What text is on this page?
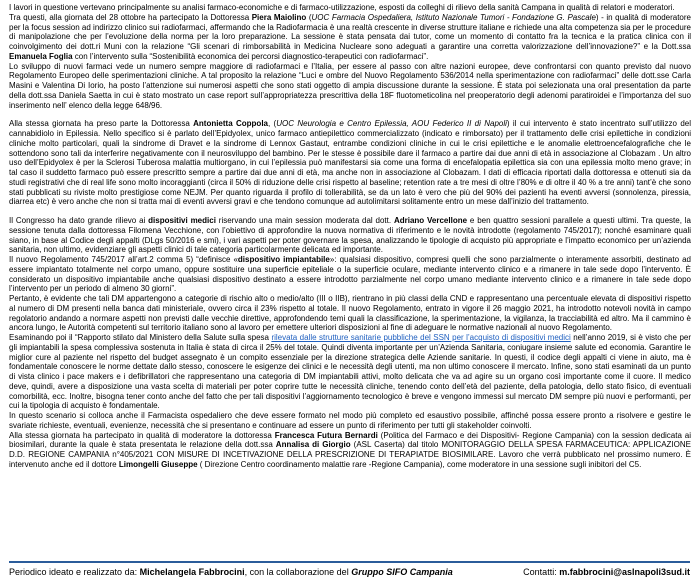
I lavori in questione vertevano principalmente su analisi farmaco-economiche e di farmaco-utilizzazione, esposti da colleghi di rilievo della sanità Campana in qualità di relatori e moderatori.
Tra questi, alla giornata del 28 ottobre ha partecipato la Dottoressa Piera Maiolino (UOC Farmacia Ospedaliera, Istituto Nazionale Tumori - Fondazione G. Pascale) - in qualità di moderatore per la focus session ad indirizzo clinico sui radiofarmaci, affermando che la Radiofarmacia è una realtà crescente in diverse strutture italiane e richiede una alta competenza sia per le procedure di manipolazione che per l’evoluzione della norma per la loro preparazione. La sessione è stata pensata dai tutor, come un momento di contatto fra la tecnica e la pratica clinica con il coinvolgimento dei dott.ri Muni con la relazione “Gli scenari di rimborsabilità in Medicina Nucleare sono adeguati a garantire una corretta valorizzazione dell’innovazione?” e la Dott.ssa Emanuela Foglia con l’intervento sulla “Sostenibilità economica dei percorsi diagnostico-terapeutici con radiofarmaci”.
Lo sviluppo di nuovi farmaci vede un numero sempre maggiore di radiofarmaci e l’Italia, per essere al passo con altre nazioni europee, deve confrontarsi con quanto previsto dal nuovo Regolamento Europeo delle sperimentazioni cliniche. A tal proposito la relazione “Luci e ombre del Nuovo Regolamento 536/2014 nella sperimentazione con radiofarmaci” delle dott.sse Carla Masini e Valentina Di Iorio, ha posto l’attenzione sui numerosi aspetti che sono stati oggetto di ampia discussione durante la sessione. È stata poi selezionata una oral presentation da parte della dott.ssa Daniela Saetta in cui è stato mostrato un case report sull’appropriatezza prescrittiva della 18F fluotometicolina nel preoperatorio degli adenomi paratiroidei e l’importanza del suo inserimento nell’ elenco della legge 648/96.

Alla stessa giornata ha preso parte la Dottoressa Antonietta Coppola, (UOC Neurologia e Centro Epilessia, AOU Federico II di Napoli) il cui intervento è stato incentrato sull’utilizzo del cannabidiolo in Epilessia. Nello specifico si è parlato dell’Epidyolex, unico farmaco antiepilettico commercializzato (indicato e rimborsato) per il trattamento delle crisi epilettiche in condizioni cliniche molto particolari, quali la sindrome di Dravet e la sindrome di Lennox Gastaut, entrambe condizioni cliniche in cui le crisi epilettiche e le anomalie elettroencefalografiche che le sottendono sono tali da interferire negativamente con il neurosviluppo del bambino. Per le stesse è possibile dare il farmaco a partire dai due anni di età in associazione al Clobazam . Un altro uso dell’Epidyolex è per la Sclerosi Tuberosa malattia multiorgano, in cui l’epilessia può manifestarsi sia come una forma di encefalopatia epilettica sia con una epilessia molto meno grave; in tal caso il suddetto farmaco può essere prescritto sempre a partire dai due anni di età, ma anche non in associazione al Clobazam. I dati di efficacia riportati dalla dottoressa e ottenuti sia da studi registrativi che di real life sono molto incoraggianti (circa il 50% di riduzione delle crisi rispetto al baseline; retention rate a tre mesi di oltre l’80% e di oltre il 40 % a tre anni) tant’è che sono stati pubblicati su riviste molto prestigiose come NEJM. Per quanto riguarda il profilo di tollerabilità, se da un lato è vero che più del 90% dei pazienti ha eventi avversi (sonnolenza, piressia, diarrea etc) è vero anche che non si tratta mai di eventi avversi gravi e che tendono comunque ad autolimitarsi solitamente entro un mese dall’inizio del trattamento.

Il Congresso ha dato grande rilievo ai dispositivi medici riservando una main session moderata dal dott. Adriano Vercellone e ben quattro sessioni parallele a questi ultimi. Tra queste, la sessione tenuta dalla dottoressa Filomena Vecchione, con l’obiettivo di approfondire la nuova normativa di riferimento e le novità introdotte (regolamento 745/2017); nonché esaminare quali siano, in base al Codice degli appalti (DLgs 50/2016 e smi), i vari aspetti per poter governare la spesa, analizzando le tipologie di acquisto più appropriate e l’impatto economico per un’azienda sanitaria, non ultimo, evidenziare gli aspetti clinici di tale categoria particolarmente delicata ed importante.
Il nuovo Regolamento 745/2017 all’art.2 comma 5) “definisce «dispositivo impiantabile»: qualsiasi dispositivo, compresi quelli che sono parzialmente o interamente assorbiti, destinato ad essere impiantato totalmente nel corpo umano, oppure sostituire una superficie epiteliale o la superficie oculare, mediante intervento clinico e a rimanere in tale sede dopo l’intervento. È considerato un dispositivo impiantabile anche qualsiasi dispositivo destinato a essere introdotto parzialmente nel corpo umano mediante intervento clinico e a rimanere in tale sede dopo l’intervento per un periodo di almeno 30 giorni”.
Pertanto, è evidente che tali DM appartengono a categorie di rischio alto o medio/alto (III o IIB), rientrano in più classi della CND e rappresentano una percentuale elevata di dispositivi rispetto al numero di DM presenti nella banca dati ministeriale, ovvero circa il 23% rispetto al totale. Il nuovo Regolamento, entrato in vigore il 26 maggio 2021, ha introdotto notevoli novità in campo regolatorio andando a normare aspetti non previsti dalle vecchie direttive, approfondendo temi quali la classificazione, la sperimentazione, la vigilanza, la tracciabilità ed altro. Ma il cammino è ancora lungo, le Autorità competenti sul territorio italiano sono al lavoro per emettere ulteriori disposizioni al fine di adeguare le normative nazionali al nuovo Regolamento.
Esaminando poi il “Rapporto stilato dal Ministero della Salute sulla spesa rilevata dalle strutture sanitarie pubbliche del SSN per l’acquisto di dispositivi medici nell’anno 2019, si è visto che per gli impiantabili la spesa complessiva sostenuta in Italia è stata di circa il 25% del totale. Quindi diventa importante per un’Azienda Sanitaria, coniugare insieme salute ed economia. Garantire le miglior cure al paziente nel rispetto del budget assegnato è un compito essenziale per la direzione strategica delle Aziende sanitarie. In questi, il codice degli appalti ci viene in aiuto, ma è fondamentale conoscere le norme dettate dallo stesso, conoscere le esigenze dei clinici e le necessità degli utenti, ma non ultimo conoscere il mercato. Infine, sono stati esaminati da un punto di vista clinico i pace makers e i defibrillatori che rappresentano una categoria di DM impiantabili attivi, molto delicata che va ad agire su un organo così importante come il cuore. Il medico deve, quindi, avere a disposizione una vasta scelta di materiali per poter coprire tutte le necessità cliniche, tenendo conto dell’età del paziente, della patologia, dello stato fisico, di eventuali comorbilità, ecc. Inoltre, bisogna tener conto anche del fatto che per tali dispositivi l’aggiornamento tecnologico è breve e vengono immessi sul mercato DM sempre più nuovi e performanti, per cui la tipologia di acquisto è fondamentale.
In questo scenario si colloca anche il Farmacista ospedaliero che deve essere formato nel modo più completo ed esaustivo possibile, affinché possa essere pronto a risolvere e gestire le svariate richieste, eventuali, evenienze, necessità che si presentano e continuare ad essere un punto di riferimento per tutti gli stakeholder coinvolti.
Alla stessa giornata ha partecipato in qualità di moderatore la dottoressa Francesca Futura Bernardi (Politica del Farmaco e dei Dispositivi- Regione Campania) con la session dedicata ai biosimilari, durante la quale è stata presentata le relazione della dott.ssa Annalisa di Giorgio (ASL Caserta) dal titolo MONITORAGGIO DELLA SPESA FARMACEUTICA: APPLICAZIONE D.D. REGIONE CAMPANIA n°405/2021 CON MISURE DI INCETIVAZIONE DELLA PRESCRIZIONE DI TERAPIATDE BIOSIMILARE. Lavoro che verrà pubblicato nel prossimo numero. È intervenuto anche ed il dottore Limongelli Giuseppe ( Direzione Centro coordinamento malattie rare -Regione Campania), come moderatore in una sessione sugli inibitori del C5.

Periodico ideato e realizzato da: Michelangela Fabbrocini, con la collaborazione del Gruppo SIFO Campania	Contatti: m.fabbrocini@aslnapoli3sud.it
